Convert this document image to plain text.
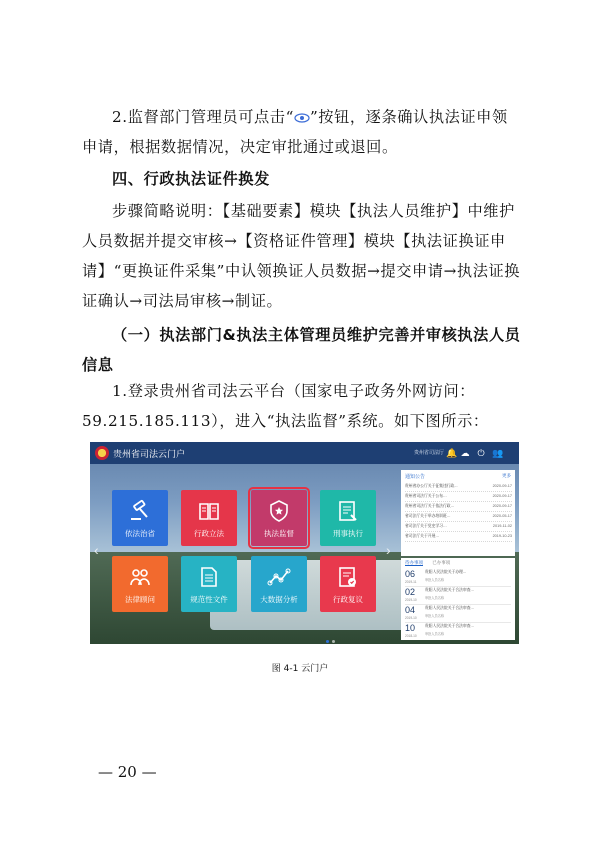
2.监督部门管理员可点击“ ”按钮，逐条确认执法证申领申请，根据数据情况，决定审批通过或退回。
四、行政执法证件换发
步骤简略说明：【基础要素】模块【执法人员维护】中维护人员数据并提交审核→【资格证件管理】模块【执法证换证申请】“更换证件采集”中认领换证人员数据→提交申请→执法证换证确认→司法局审核→制证。
（一）执法部门&执法主体管理员维护完善并审核执法人员信息
1.登录贵州省司法云平台（国家电子政务外网访问：59.215.185.113），进入“执法监督”系统。如下图所示：
贵州省司法云门户	贵州省司法厅 🔔 ☁ ⏻ 👥
‹	›
依法治省	行政立法	执法监督	刑事执行
法律顾问	规范性文件	大数据分析	行政复议
通知公告	更多
贵州省办公厅关于征集违行政...	2020-09-17
贵州省司法厅关于公布…	2020-09-17
贵州省司法厅关于依法行政…	2020-09-17
省司法厅关于举办培训班…	2020-05-17
省司法厅关于党史学习…	2019-11-02
省司法厅关于开展…	2019-10-23
待办事项 已办事项
06
2019-11
贵阳人民法院关于办理...
审批人员名称
02
2019-10
贵阳人民法院关于合法审查...
审批人员名称
04
2019-10
贵阳人民法院关于合法审查...
审批人员名称
10
2018-10
贵阳人民法院关于合法审查...
审批人员名称
图 4-1 云门户
— 20 —
